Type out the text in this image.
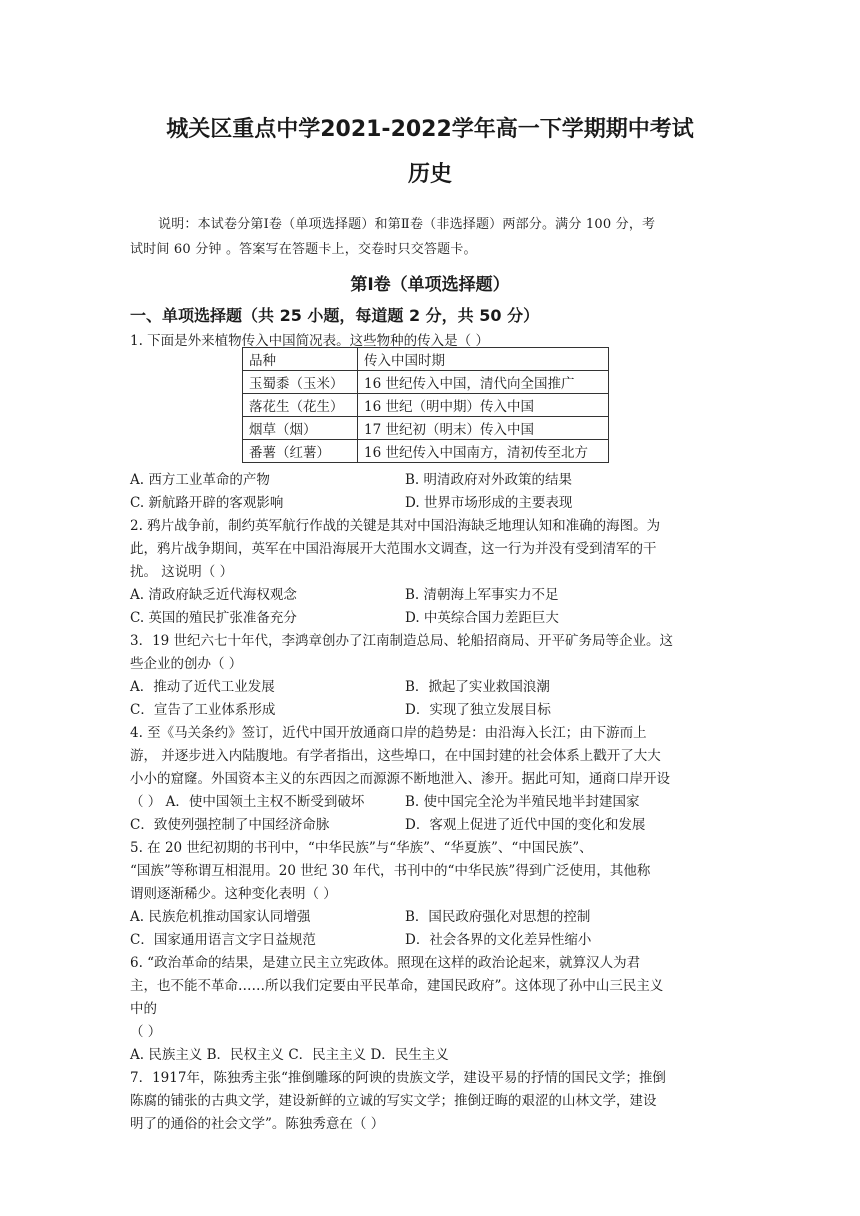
城关区重点中学2021-2022学年高一下学期期中考试
历史
说明：本试卷分第Ⅰ卷（单项选择题）和第Ⅱ卷（非选择题）两部分。满分 100 分，考
试时间 60 分钟 。答案写在答题卡上，交卷时只交答题卡。
第Ⅰ卷（单项选择题）
一、单项选择题（共 25 小题，每道题 2 分，共 50 分）
1. 下面是外来植物传入中国简况表。这些物种的传入是（ ）
品种	传入中国时期
玉蜀黍（玉米）	16 世纪传入中国，清代向全国推广
落花生（花生）	16 世纪（明中期）传入中国
烟草（烟）	17 世纪初（明末）传入中国
番薯（红薯）	16 世纪传入中国南方，清初传至北方
A. 西方工业革命的产物	B. 明清政府对外政策的结果
C. 新航路开辟的客观影响	D. 世界市场形成的主要表现
2. 鸦片战争前，制约英军航行作战的关键是其对中国沿海缺乏地理认知和准确的海图。为
此，鸦片战争期间，英军在中国沿海展开大范围水文调查，这一行为并没有受到清军的干
扰。 这说明（ ）
A. 清政府缺乏近代海权观念	B. 清朝海上军事实力不足
C. 英国的殖民扩张准备充分	D. 中英综合国力差距巨大
3．19 世纪六七十年代，李鸿章创办了江南制造总局、轮船招商局、开平矿务局等企业。这
些企业的创办（ ）
A．推动了近代工业发展	B．掀起了实业救国浪潮
C．宣告了工业体系形成	D．实现了独立发展目标
4. 至《马关条约》签订，近代中国开放通商口岸的趋势是：由沿海入长江；由下游而上
游， 并逐步进入内陆腹地。有学者指出，这些埠口，在中国封建的社会体系上戳开了大大
小小的窟窿。外国资本主义的东西因之而源源不断地泄入、渗开。据此可知，通商口岸开设
（ ） A．使中国领土主权不断受到破坏	B. 使中国完全沦为半殖民地半封建国家
C．致使列强控制了中国经济命脉	D．客观上促进了近代中国的变化和发展
5. 在 20 世纪初期的书刊中，“中华民族”与“华族”、“华夏族”、“中国民族”、
“国族”等称谓互相混用。20 世纪 30 年代，书刊中的“中华民族”得到广泛使用，其他称
谓则逐渐稀少。这种变化表明（ ）
A. 民族危机推动国家认同增强	B．国民政府强化对思想的控制
C．国家通用语言文字日益规范	D．社会各界的文化差异性缩小
6. “政治革命的结果，是建立民主立宪政体。照现在这样的政治论起来，就算汉人为君
主，也不能不革命……所以我们定要由平民革命，建国民政府”。这体现了孙中山三民主义
中的
（ ）
A. 民族主义 B．民权主义 C．民主主义 D．民生主义
7．1917年，陈独秀主张“推倒雕琢的阿谀的贵族文学，建设平易的抒情的国民文学；推倒
陈腐的铺张的古典文学，建设新鲜的立诚的写实文学；推倒迂晦的艰涩的山林文学，建设
明了的通俗的社会文学”。陈独秀意在（ ）
